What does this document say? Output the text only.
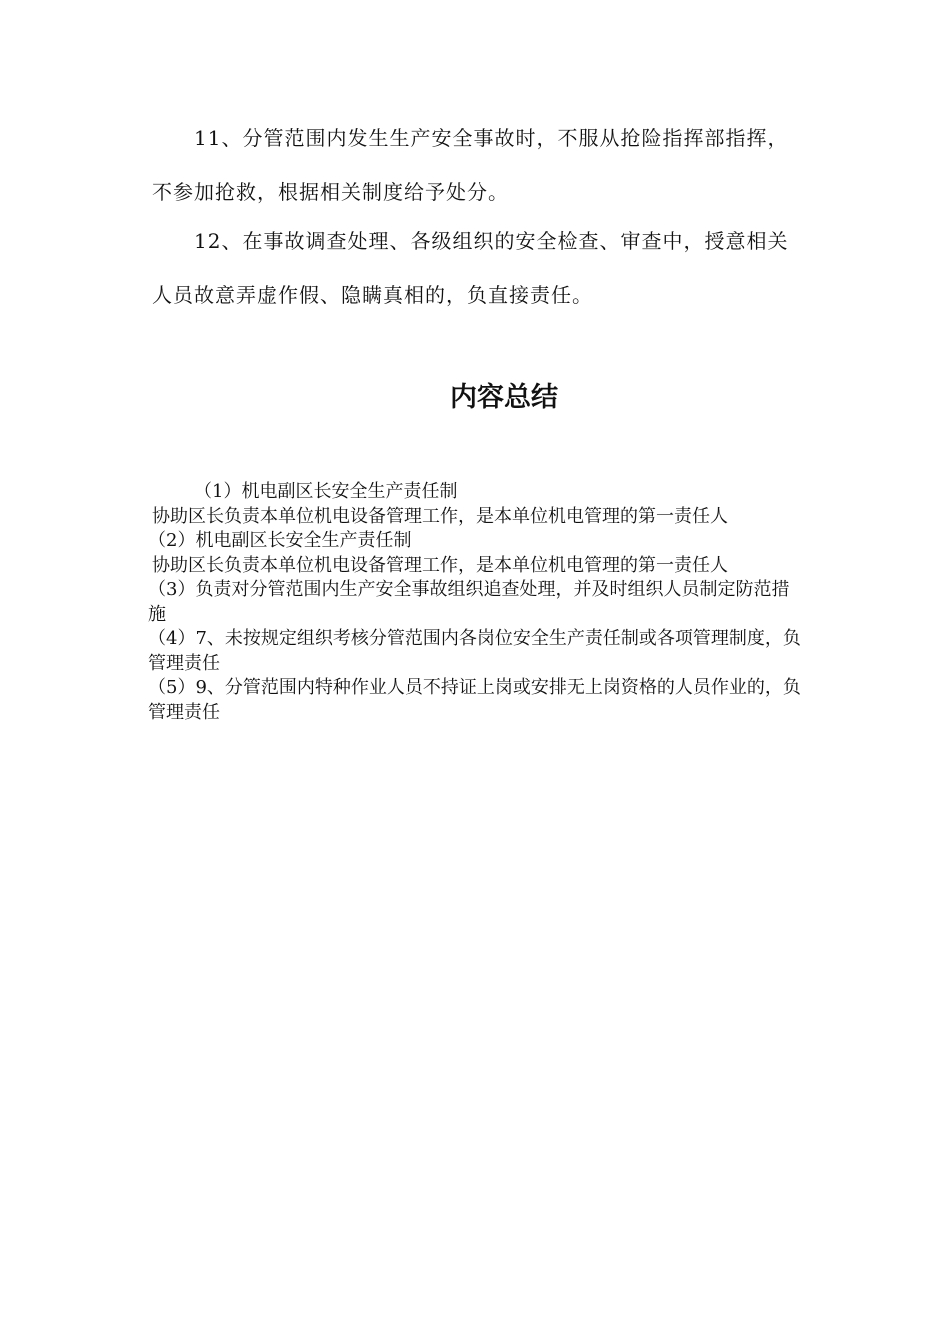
11、分管范围内发生生产安全事故时，不服从抢险指挥部指挥，不参加抢救，根据相关制度给予处分。

12、在事故调查处理、各级组织的安全检查、审查中，授意相关人员故意弄虚作假、隐瞒真相的，负直接责任。

内容总结
（1）机电副区长安全生产责任制
协助区长负责本单位机电设备管理工作，是本单位机电管理的第一责任人
（2）机电副区长安全生产责任制
协助区长负责本单位机电设备管理工作，是本单位机电管理的第一责任人
（3）负责对分管范围内生产安全事故组织追查处理，并及时组织人员制定防范措施
（4）7、未按规定组织考核分管范围内各岗位安全生产责任制或各项管理制度，负管理责任
（5）9、分管范围内特种作业人员不持证上岗或安排无上岗资格的人员作业的，负管理责任
